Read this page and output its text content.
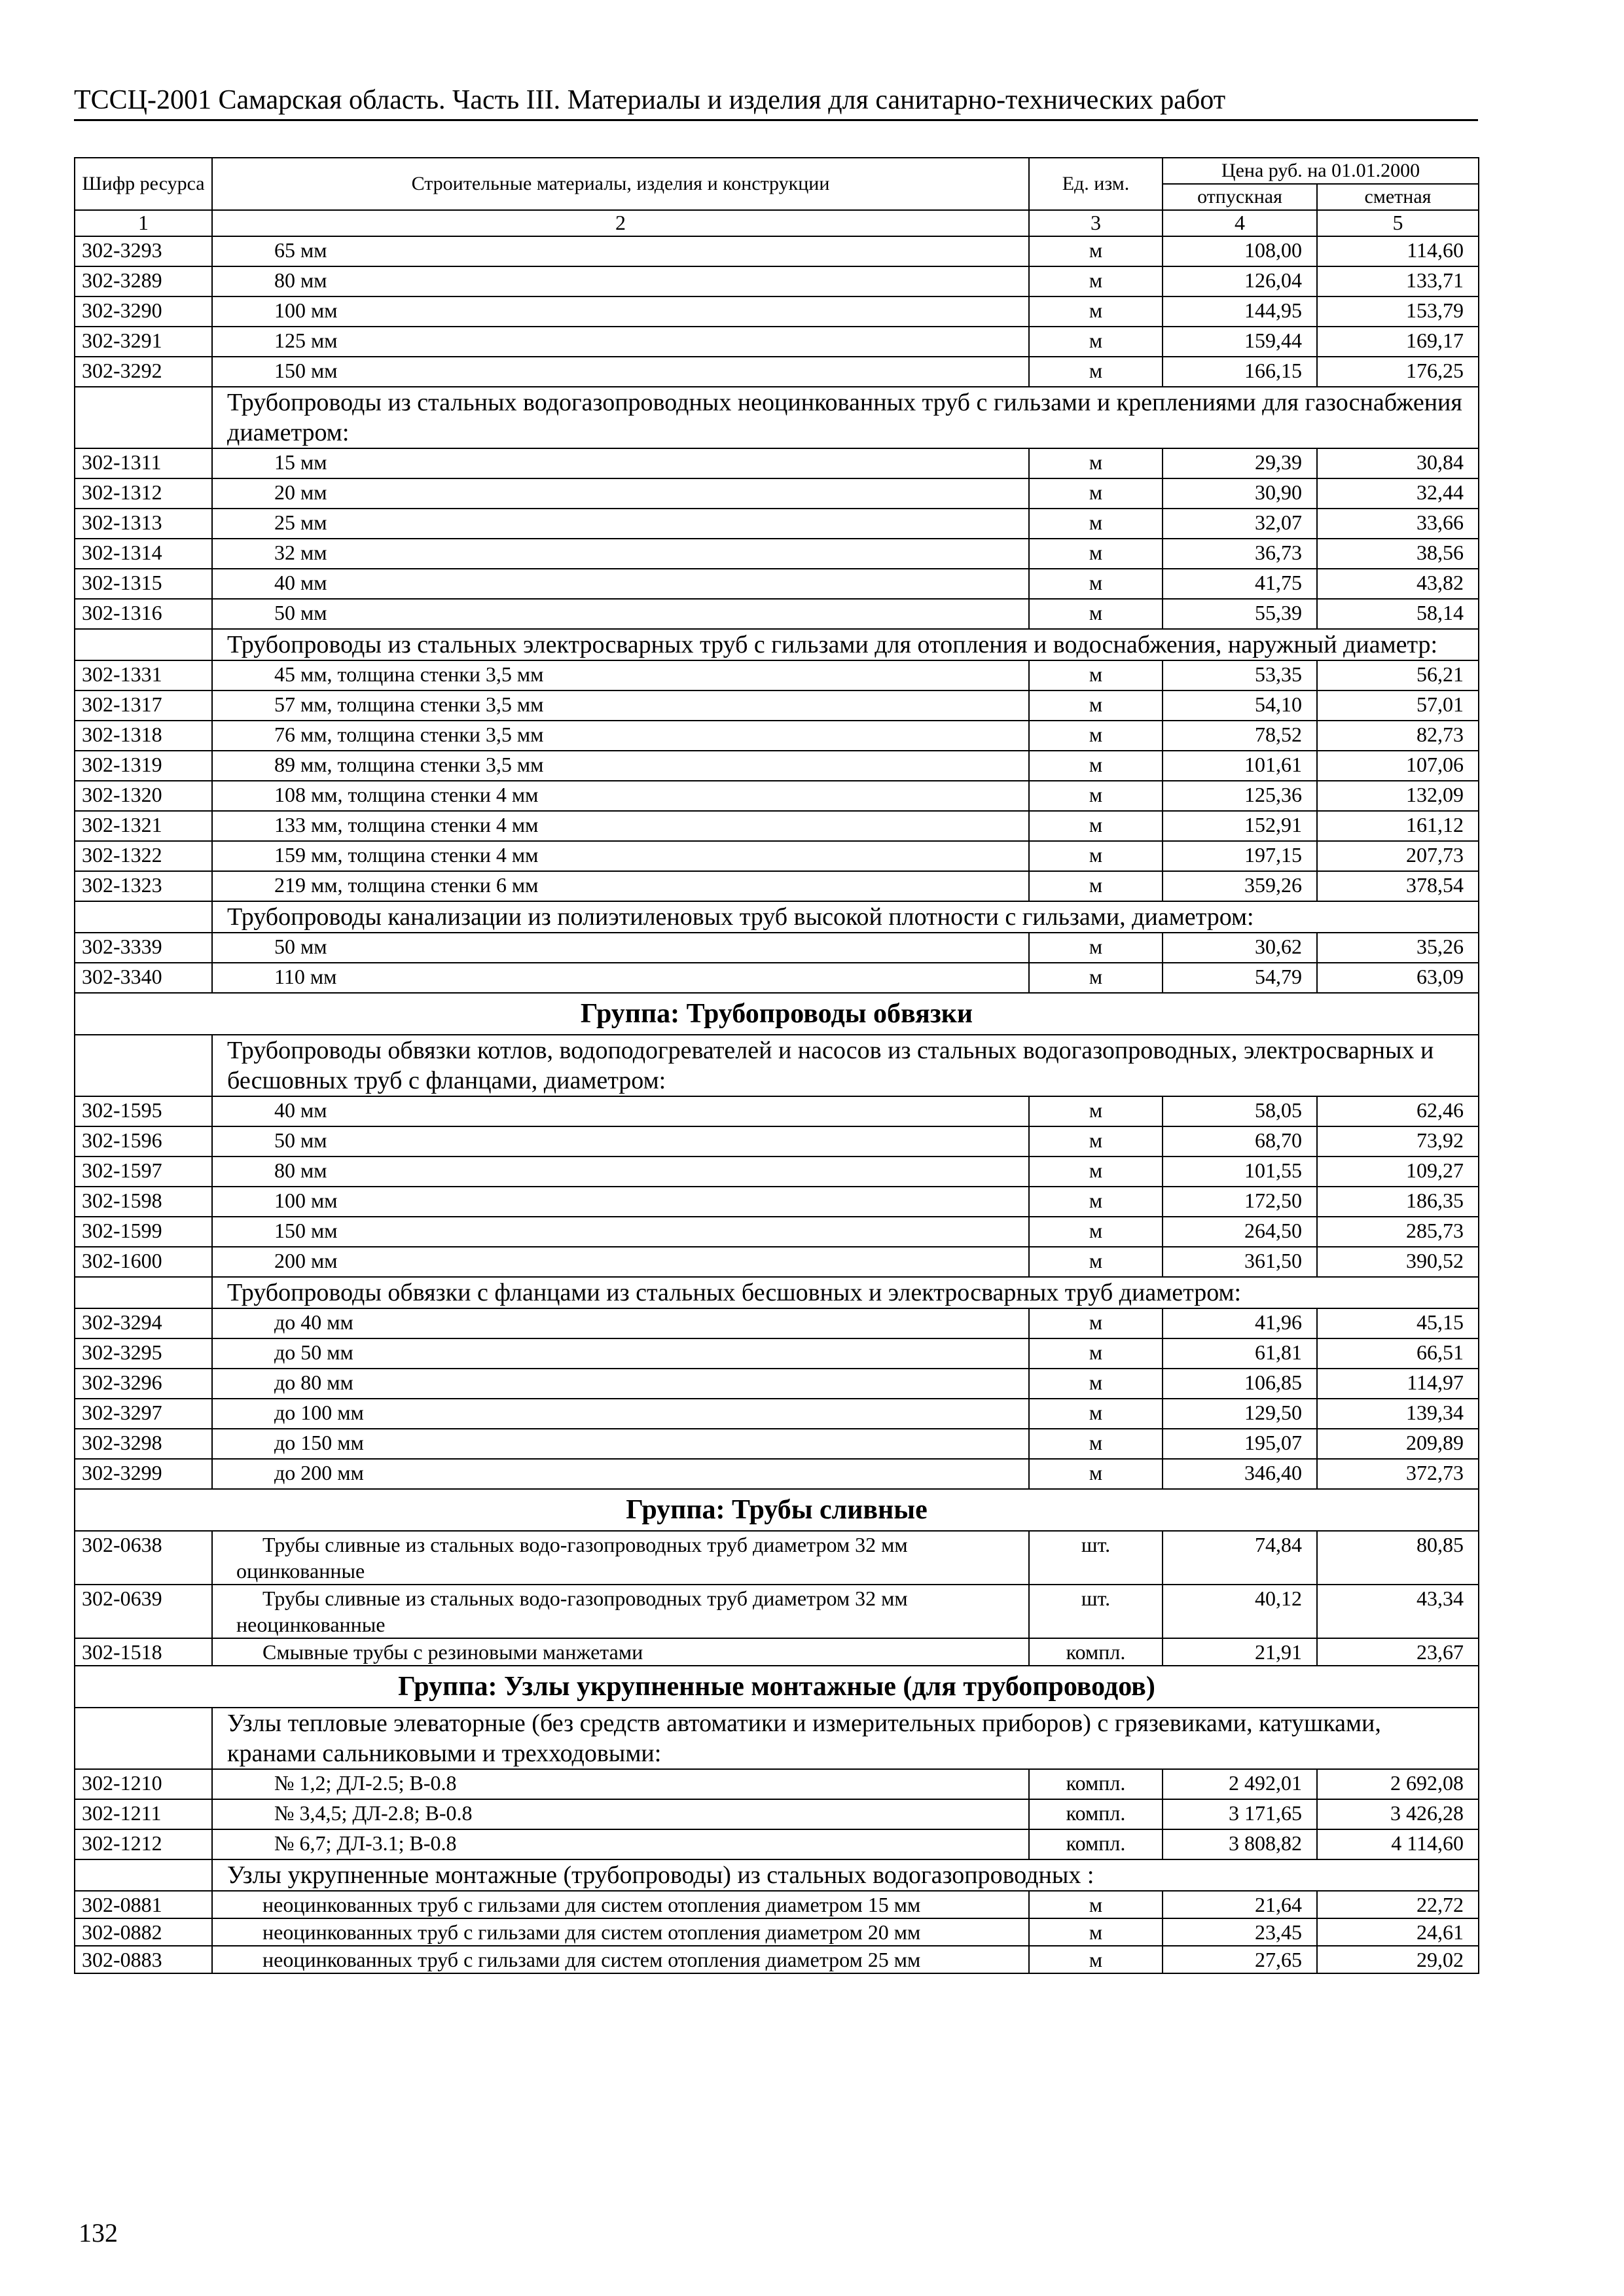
ТССЦ-2001 Самарская область. Часть III. Материалы и изделия для санитарно-технических работ
Шифр ресурса	Строительные материалы, изделия и конструкции	Ед. изм.	Цена руб. на 01.01.2000	
			отпускная	сметная
1	2	3	4	5
302-3293	65 мм	м	108,00	114,60
302-3289	80 мм	м	126,04	133,71
302-3290	100 мм	м	144,95	153,79
302-3291	125 мм	м	159,44	169,17
302-3292	150 мм	м	166,15	176,25
	Трубопроводы из стальных водогазопроводных неоцинкованных труб с гильзами и креплениями для газоснабжения диаметром:			
302-1311	15 мм	м	29,39	30,84
302-1312	20 мм	м	30,90	32,44
302-1313	25 мм	м	32,07	33,66
302-1314	32 мм	м	36,73	38,56
302-1315	40 мм	м	41,75	43,82
302-1316	50 мм	м	55,39	58,14
	Трубопроводы из стальных электросварных труб с гильзами для отопления и водоснабжения, наружный диаметр:			
302-1331	45 мм, толщина стенки 3,5 мм	м	53,35	56,21
302-1317	57 мм, толщина стенки 3,5 мм	м	54,10	57,01
302-1318	76 мм, толщина стенки 3,5 мм	м	78,52	82,73
302-1319	89 мм, толщина стенки 3,5 мм	м	101,61	107,06
302-1320	108 мм, толщина стенки 4 мм	м	125,36	132,09
302-1321	133 мм, толщина стенки 4 мм	м	152,91	161,12
302-1322	159 мм, толщина стенки 4 мм	м	197,15	207,73
302-1323	219 мм, толщина стенки 6 мм	м	359,26	378,54
	Трубопроводы канализации из полиэтиленовых труб высокой плотности с гильзами, диаметром:			
302-3339	50 мм	м	30,62	35,26
302-3340	110 мм	м	54,79	63,09
Группа: Трубопроводы обвязки				
	Трубопроводы обвязки котлов, водоподогревателей и насосов из стальных водогазопроводных, электросварных и бесшовных труб с фланцами, диаметром:			
302-1595	40 мм	м	58,05	62,46
302-1596	50 мм	м	68,70	73,92
302-1597	80 мм	м	101,55	109,27
302-1598	100 мм	м	172,50	186,35
302-1599	150 мм	м	264,50	285,73
302-1600	200 мм	м	361,50	390,52
	Трубопроводы обвязки с фланцами из стальных бесшовных и электросварных труб диаметром:			
302-3294	до 40 мм	м	41,96	45,15
302-3295	до 50 мм	м	61,81	66,51
302-3296	до 80 мм	м	106,85	114,97
302-3297	до 100 мм	м	129,50	139,34
302-3298	до 150 мм	м	195,07	209,89
302-3299	до 200 мм	м	346,40	372,73
Группа: Трубы сливные				
302-0638	Трубы сливные из стальных водо-газопроводных труб диаметром 32 мм оцинкованные	шт.	74,84	80,85
302-0639	Трубы сливные из стальных водо-газопроводных труб диаметром 32 мм неоцинкованные	шт.	40,12	43,34
302-1518	Смывные трубы с резиновыми манжетами	компл.	21,91	23,67
Группа: Узлы укрупненные монтажные (для трубопроводов)				
	Узлы тепловые элеваторные (без средств автоматики и измерительных приборов) с грязевиками, катушками, кранами сальниковыми и трехходовыми:			
302-1210	№ 1,2; ДЛ-2.5; В-0.8	компл.	2 492,01	2 692,08
302-1211	№ 3,4,5; ДЛ-2.8; В-0.8	компл.	3 171,65	3 426,28
302-1212	№ 6,7; ДЛ-3.1; В-0.8	компл.	3 808,82	4 114,60
	Узлы укрупненные монтажные (трубопроводы) из стальных водогазопроводных :			
302-0881	неоцинкованных труб с гильзами для систем отопления диаметром 15 мм	м	21,64	22,72
302-0882	неоцинкованных труб с гильзами для систем отопления диаметром 20 мм	м	23,45	24,61
302-0883	неоцинкованных труб с гильзами для систем отопления диаметром 25 мм	м	27,65	29,02
132
